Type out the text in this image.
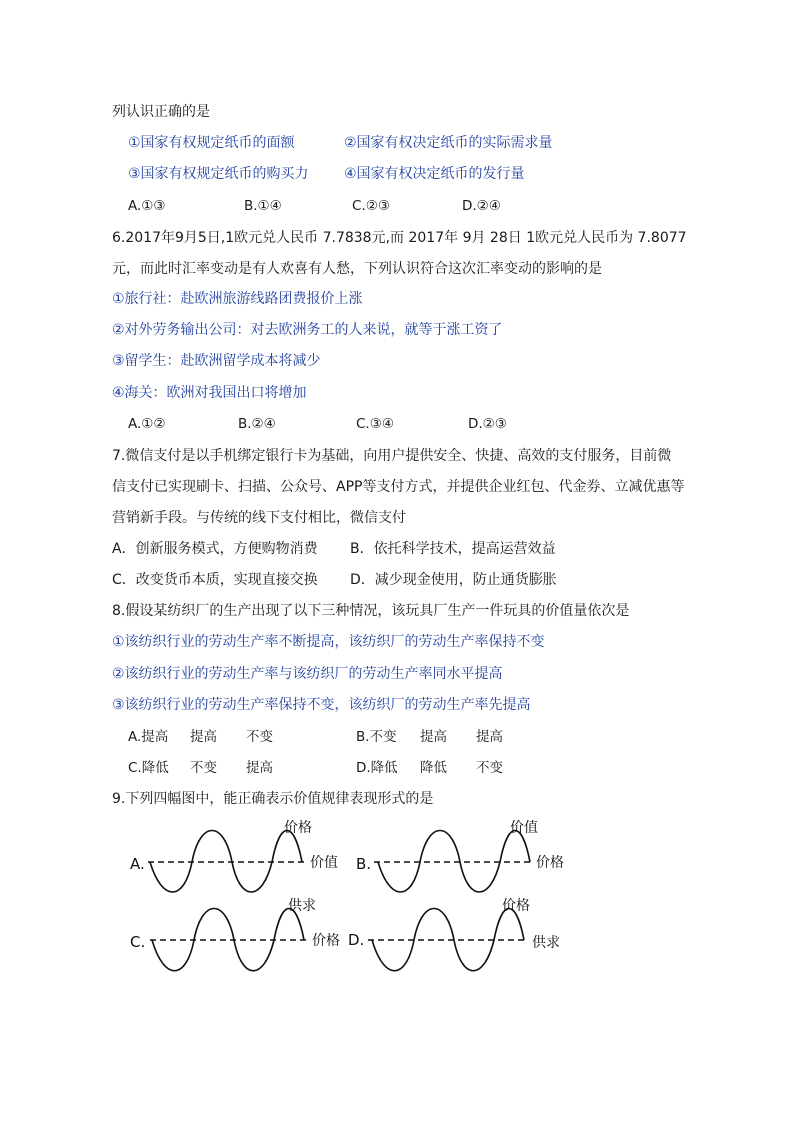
列认识正确的是
①国家有权规定纸币的面额	②国家有权决定纸币的实际需求量
③国家有权规定纸币的购买力	④国家有权决定纸币的发行量
A.①③	B.①④	C.②③	D.②④
6.2017年9月5日,1欧元兑人民币 7.7838元,而 2017年 9月 28日 1欧元兑人民币为 7.8077
元，而此时汇率变动是有人欢喜有人愁，下列认识符合这次汇率变动的影响的是
①旅行社：赴欧洲旅游线路团费报价上涨
②对外劳务输出公司：对去欧洲务工的人来说，就等于涨工资了
③留学生：赴欧洲留学成本将减少
④海关：欧洲对我国出口将增加
A.①②	B.②④	C.③④	D.②③
7.微信支付是以手机绑定银行卡为基础，向用户提供安全、快捷、高效的支付服务，目前微
信支付已实现刷卡、扫描、公众号、APP等支付方式，并提供企业红包、代金券、立减优惠等
营销新手段。与传统的线下支付相比，微信支付
A．创新服务模式，方便购物消费 B．依托科学技术，提高运营效益
C．改变货币本质，实现直接交换 D．减少现金使用，防止通货膨胀
8.假设某纺织厂的生产出现了以下三种情况，该玩具厂生产一件玩具的价值量依次是
①该纺织行业的劳动生产率不断提高，该纺织厂的劳动生产率保持不变
②该纺织行业的劳动生产率与该纺织厂的劳动生产率同水平提高
③该纺织行业的劳动生产率保持不变，该纺织厂的劳动生产率先提高
A.提高 提高 不变	B.不变 提高 提高
C.降低 不变 提高	D.降低 降低 不变
9.下列四幅图中，能正确表示价值规律表现形式的是
A.
价格
价值 B.
价值
价格
C.
供求
价格 D.
价格
供求
